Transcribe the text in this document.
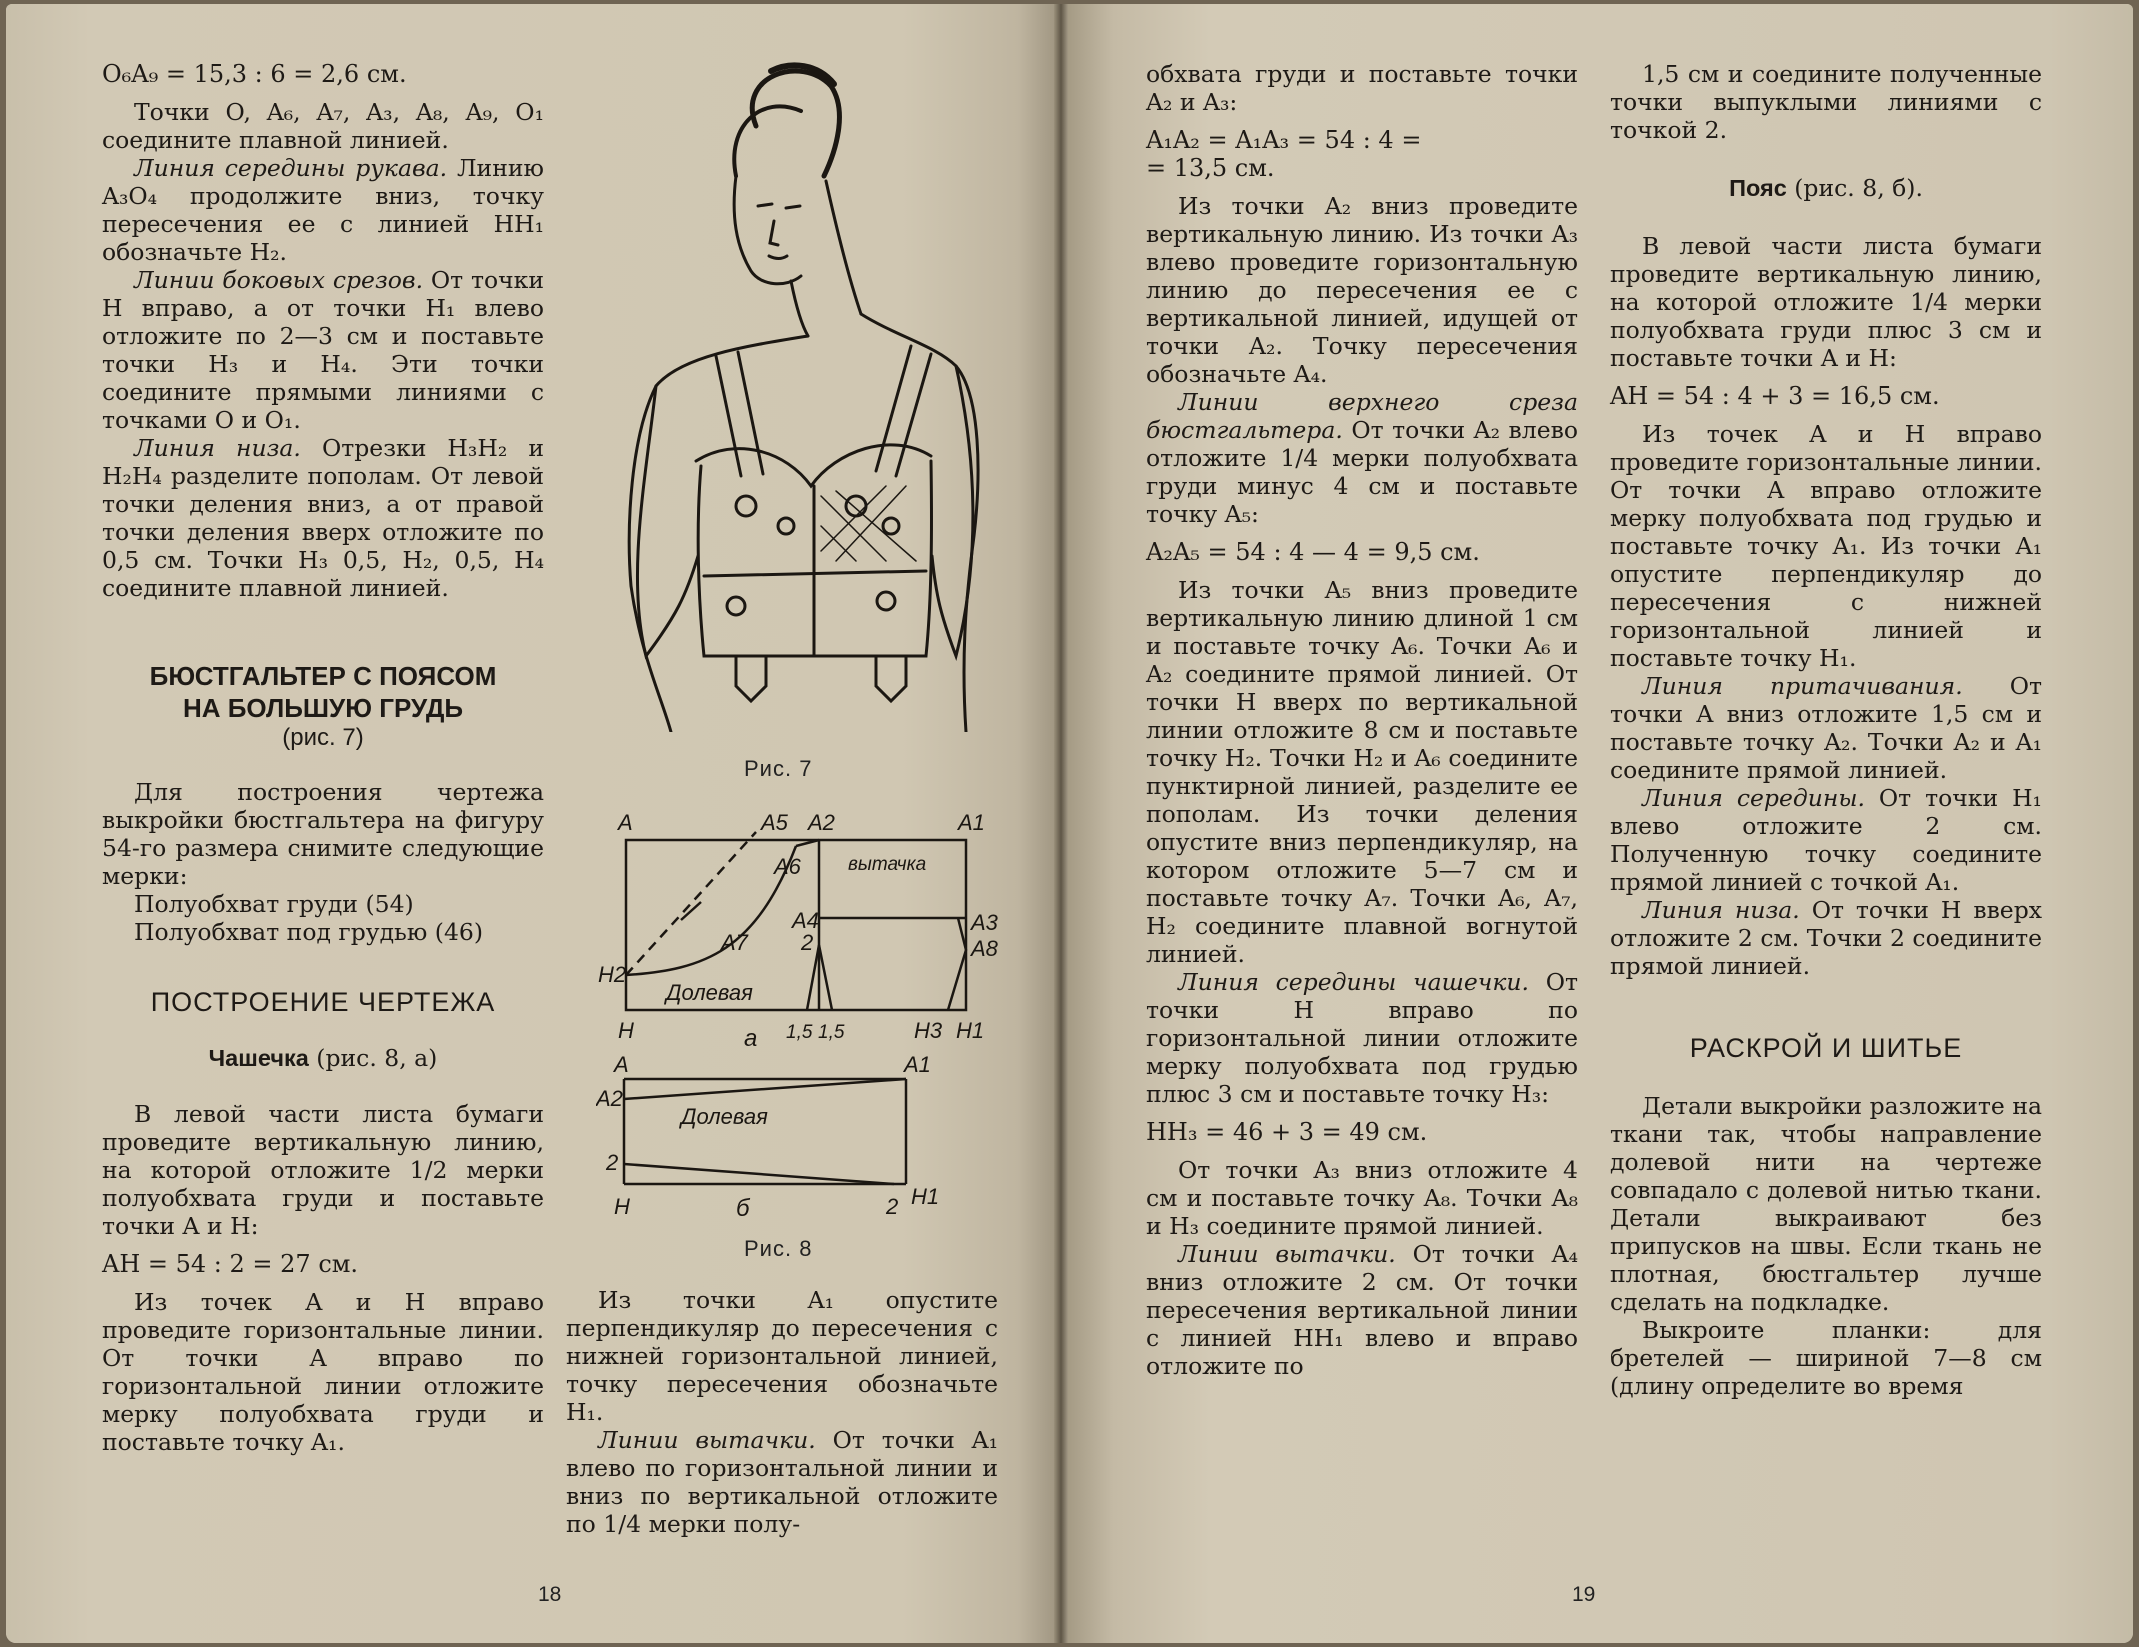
O₆A₉ = 15,3 : 6 = 2,6 см.

Точки O, A₆, A₇, A₃, A₈, A₉, O₁ соедините плавной линией.

Линия середины рукава. Линию A₃O₄ продолжите вниз, точку пересечения ее с линией HH₁ обозначьте H₂.

Линии боковых срезов. От точки H вправо, а от точки H₁ влево отложите по 2—3 см и поставьте точки H₃ и H₄. Эти точки соедините прямыми линиями с точками O и O₁.

Линия низа. Отрезки H₃H₂ и H₂H₄ разделите пополам. От левой точки деления вниз, а от правой точки деления вверх отложите по 0,5 см. Точки H₃ 0,5, H₂, 0,5, H₄ соедините плавной линией.

БЮСТГАЛЬТЕР С ПОЯСОМ
НА БОЛЬШУЮ ГРУДЬ
(рис. 7)

Для построения чертежа выкройки бюстгальтера на фигуру 54-го размера снимите следующие мерки:

Полуобхват груди (54)
Полуобхват под грудью (46)
ПОСТРОЕНИЕ ЧЕРТЕЖА
Чашечка (рис. 8, а)

В левой части листа бумаги проведите вертикальную линию, на которой отложите 1/2 мерки полуобхвата груди и поставьте точки A и H:

AH = 54 : 2 = 27 см.

Из точек A и H вправо проведите горизонтальные линии. От точки A вправо по горизонтальной линии отложите мерку полуобхвата груди и поставьте точку A₁.

Рис. 7
A	A5 A2	A1
A6
A4	A3
A8
A7
H2
H
2
вытачка
Долевая
1,5 1,5	H3 H1
а
A	A1
A2
2
H	2 H1
Долевая
б
Рис. 8

Из точки A₁ опустите перпендикуляр до пересечения с нижней горизонтальной линией, точку пересечения обозначьте H₁.

Линии вытачки. От точки A₁ влево по горизонтальной линии и вниз по вертикальной отложите по 1/4 мерки полу-

18

обхвата груди и поставьте точки A₂ и A₃:

A₁A₂ = A₁A₃ = 54 : 4 =

= 13,5 см.

Из точки A₂ вниз проведите вертикальную линию. Из точки A₃ влево проведите горизонтальную линию до пересечения ее с вертикальной линией, идущей от точки A₂. Точку пересечения обозначьте A₄.

Линии верхнего среза бюстгальтера. От точки A₂ влево отложите 1/4 мерки полуобхвата груди минус 4 см и поставьте точку A₅:

A₂A₅ = 54 : 4 — 4 = 9,5 см.

Из точки A₅ вниз проведите вертикальную линию длиной 1 см и поставьте точку A₆. Точки A₆ и A₂ соедините прямой линией. От точки H вверх по вертикальной линии отложите 8 см и поставьте точку H₂. Точки H₂ и A₆ соедините пунктирной линией, разделите ее пополам. Из точки деления опустите вниз перпендикуляр, на котором отложите 5—7 см и поставьте точку A₇. Точки A₆, A₇, H₂ соедините плавной вогнутой линией.

Линия середины чашечки. От точки H вправо по горизонтальной линии отложите мерку полуобхвата под грудью плюс 3 см и поставьте точку H₃:

HH₃ = 46 + 3 = 49 см.

От точки A₃ вниз отложите 4 см и поставьте точку A₈. Точки A₈ и H₃ соедините прямой линией.

Линии вытачки. От точки A₄ вниз отложите 2 см. От точки пересечения вертикальной линии с линией HH₁ влево и вправо отложите по

1,5 см и соедините полученные точки выпуклыми линиями с точкой 2.

Пояс (рис. 8, б).

В левой части листа бумаги проведите вертикальную линию, на которой отложите 1/4 мерки полуобхвата груди плюс 3 см и поставьте точки A и H:

AH = 54 : 4 + 3 = 16,5 см.

Из точек A и H вправо проведите горизонтальные линии. От точки A вправо отложите мерку полуобхвата под грудью и поставьте точку A₁. Из точки A₁ опустите перпендикуляр до пересечения с нижней горизонтальной линией и поставьте точку H₁.

Линия притачивания. От точки A вниз отложите 1,5 см и поставьте точку A₂. Точки A₂ и A₁ соедините прямой линией.

Линия середины. От точки H₁ влево отложите 2 см. Полученную точку соедините прямой линией с точкой A₁.

Линия низа. От точки H вверх отложите 2 см. Точки 2 соедините прямой линией.

РАСКРОЙ И ШИТЬЕ

Детали выкройки разложите на ткани так, чтобы направление долевой нити на чертеже совпадало с долевой нитью ткани. Детали выкраивают без припусков на швы. Если ткань не плотная, бюстгальтер лучше сделать на подкладке.

Выкроите планки: для бретелей — шириной 7—8 см (длину определите во время

19
